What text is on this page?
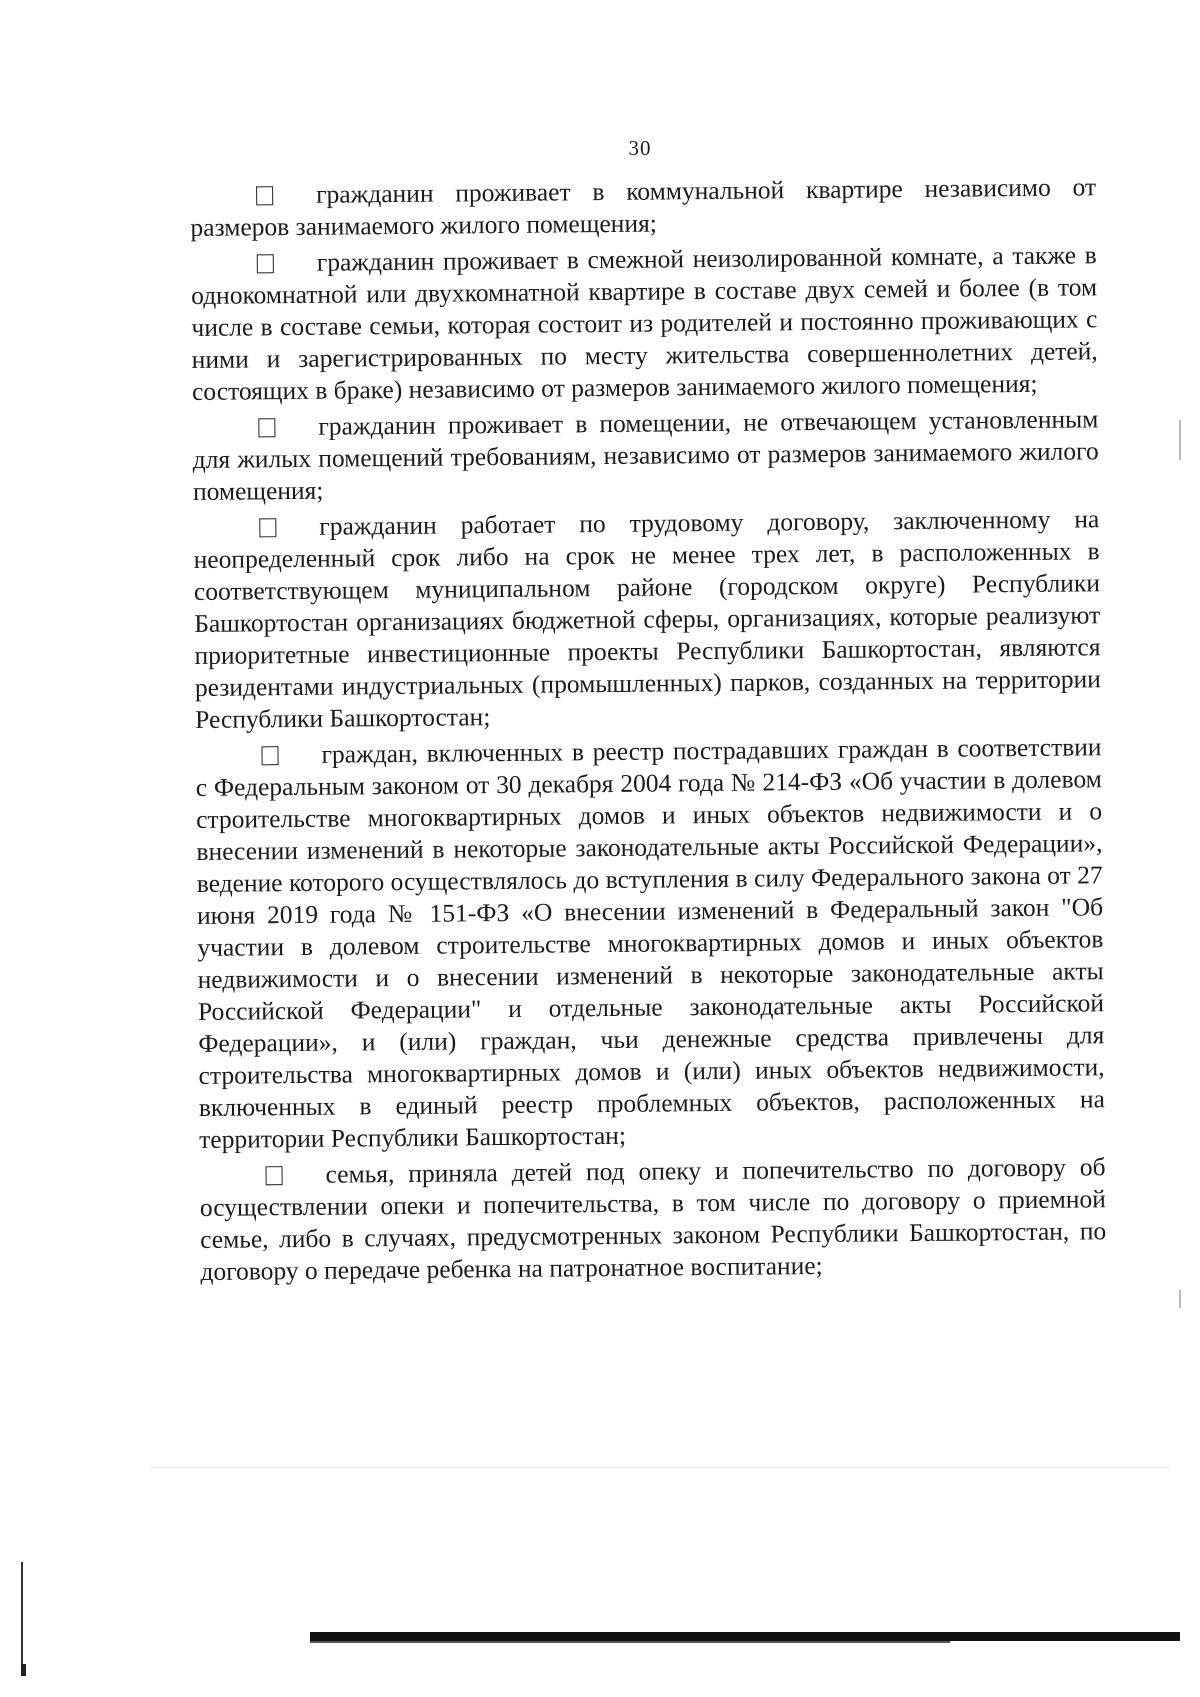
30

гражданин проживает в коммунальной квартире независимо от размеров занимаемого жилого помещения;

гражданин проживает в смежной неизолированной комнате, а также в однокомнатной или двухкомнатной квартире в составе двух семей и более (в том числе в составе семьи, которая состоит из родителей и постоянно проживающих с ними и зарегистрированных по месту жительства совершеннолетних детей, состоящих в браке) независимо от размеров занимаемого жилого помещения;

гражданин проживает в помещении, не отвечающем установленным для жилых помещений требованиям, независимо от размеров занимаемого жилого помещения;

гражданин работает по трудовому договору, заключенному на неопределенный срок либо на срок не менее трех лет, в расположенных в соответствующем муниципальном районе (городском округе) Республики Башкортостан организациях бюджетной сферы, организациях, которые реализуют приоритетные инвестиционные проекты Республики Башкортостан, являются резидентами индустриальных (промышленных) парков, созданных на территории Республики Башкортостан;

граждан, включенных в реестр пострадавших граждан в соответствии с Федеральным законом от 30 декабря 2004 года № 214-ФЗ «Об участии в долевом строительстве многоквартирных домов и иных объектов недвижимости и о внесении изменений в некоторые законодательные акты Российской Федерации», ведение которого осуществлялось до вступления в силу Федерального закона от 27 июня 2019 года № 151-ФЗ «О внесении изменений в Федеральный закон "Об участии в долевом строительстве многоквартирных домов и иных объектов недвижимости и о внесении изменений в некоторые законодательные акты Российской Федерации" и отдельные законодательные акты Российской Федерации», и (или) граждан, чьи денежные средства привлечены для строительства многоквартирных домов и (или) иных объектов недвижимости, включенных в единый реестр проблемных объектов, расположенных на территории Республики Башкортостан;

семья, приняла детей под опеку и попечительство по договору об осуществлении опеки и попечительства, в том числе по договору о приемной семье, либо в случаях, предусмотренных законом Республики Башкортостан, по договору о передаче ребенка на патронатное воспитание;
